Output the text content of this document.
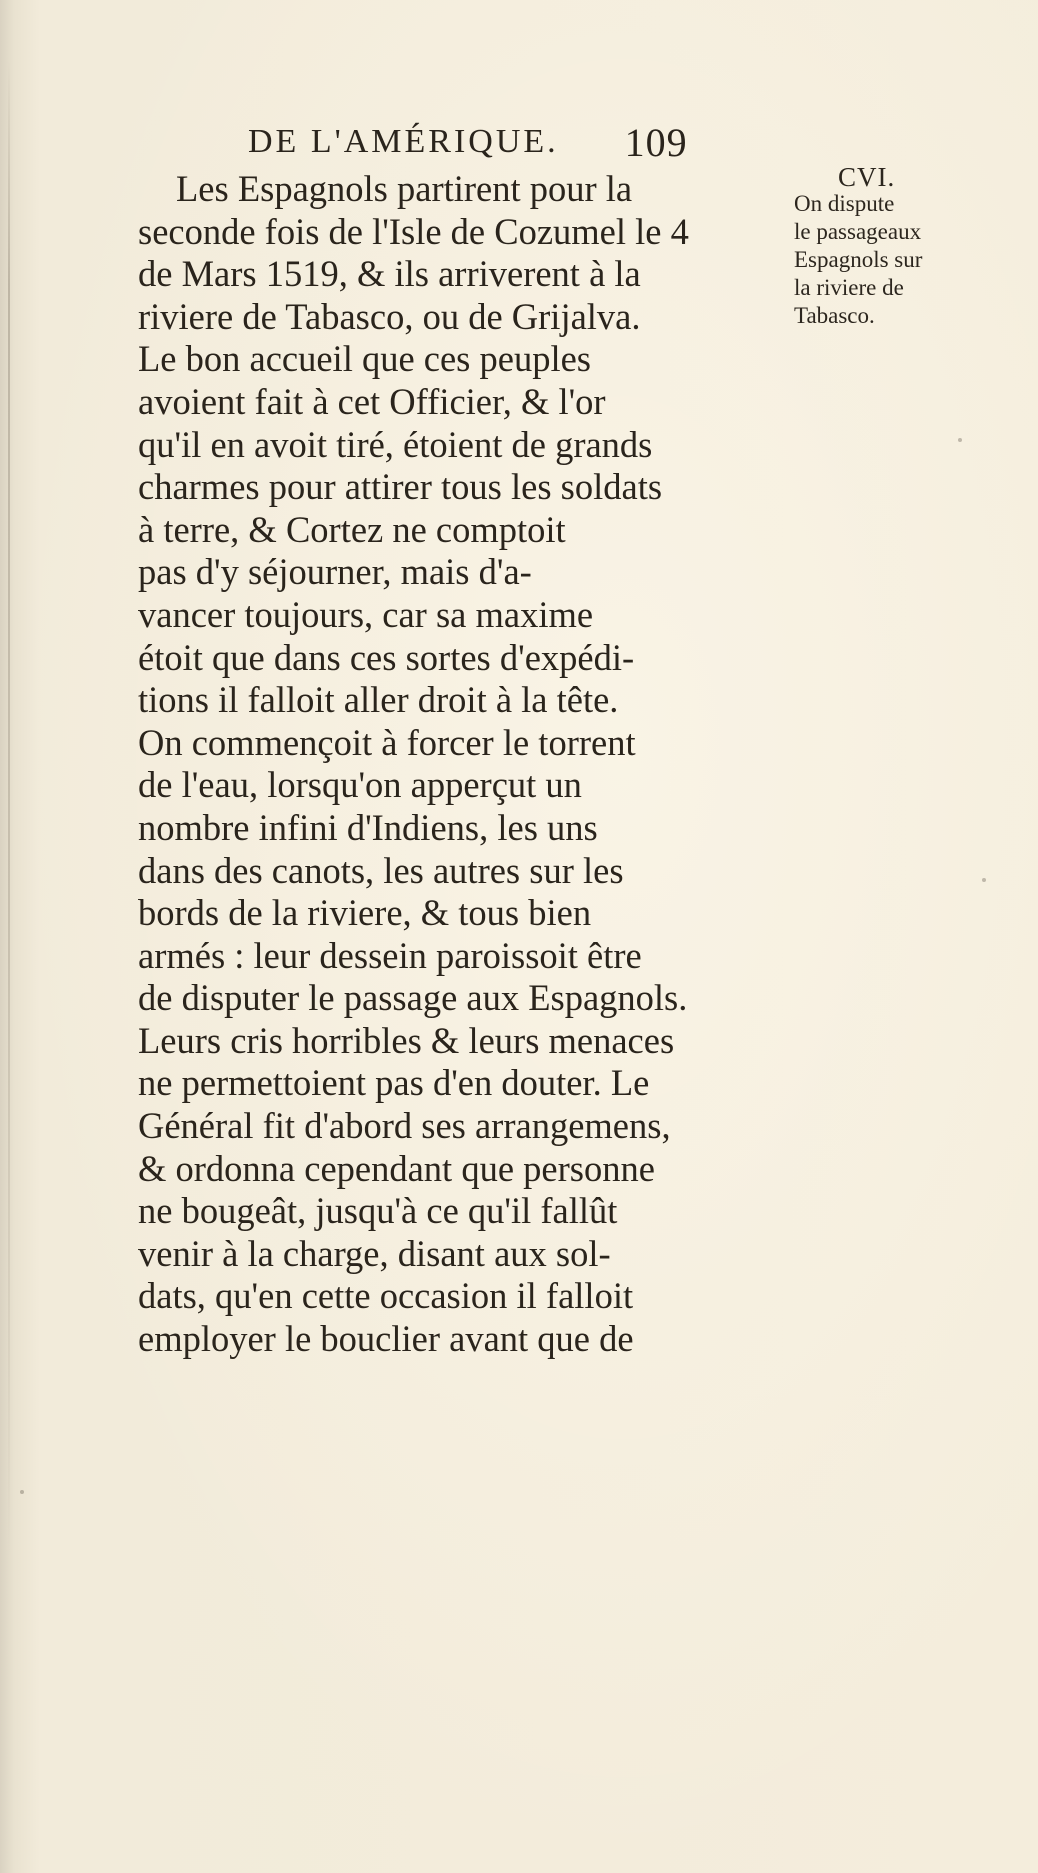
DE L'AMÉRIQUE. 109
CVI.
On dispute
le passageaux
Espagnols sur
la riviere de
Tabasco.
Les Espagnols partirent pour la
seconde fois de l'Isle de Cozumel le 4
de Mars 1519, & ils arriverent à la
riviere de Tabasco, ou de Grijalva.
Le bon accueil que ces peuples
avoient fait à cet Officier, & l'or
qu'il en avoit tiré, étoient de grands
charmes pour attirer tous les soldats
à terre, & Cortez ne comptoit
pas d'y séjourner, mais d'a-
vancer toujours, car sa maxime
étoit que dans ces sortes d'expédi-
tions il falloit aller droit à la tête.
On commençoit à forcer le torrent
de l'eau, lorsqu'on apperçut un
nombre infini d'Indiens, les uns
dans des canots, les autres sur les
bords de la riviere, & tous bien
armés : leur dessein paroissoit être
de disputer le passage aux Espagnols.
Leurs cris horribles & leurs menaces
ne permettoient pas d'en douter. Le
Général fit d'abord ses arrangemens,
& ordonna cependant que personne
ne bougeât, jusqu'à ce qu'il fallût
venir à la charge, disant aux sol-
dats, qu'en cette occasion il falloit
employer le bouclier avant que de
